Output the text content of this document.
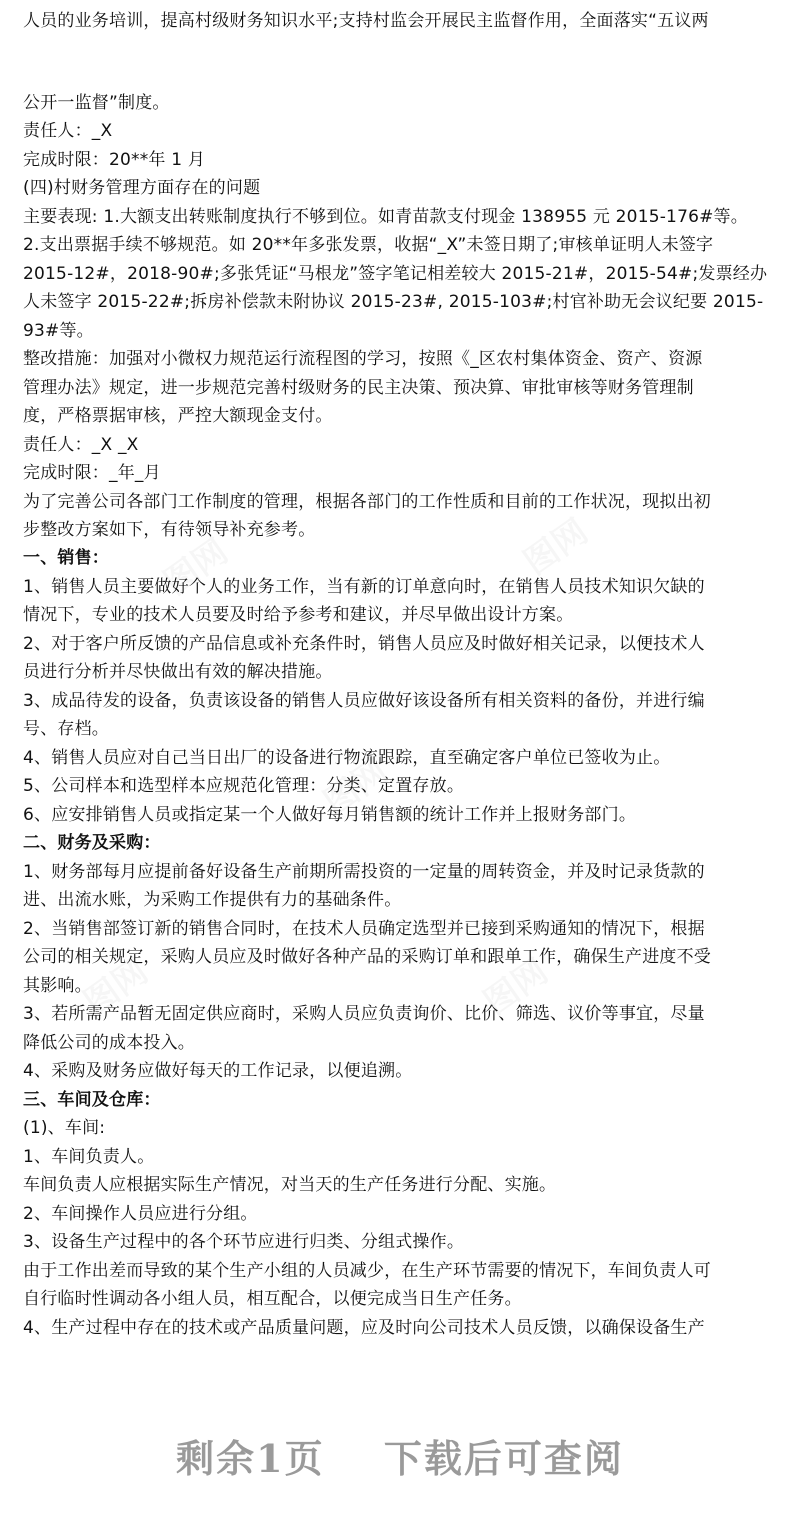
人员的业务培训，提高村级财务知识水平;支持村监会开展民主监督作用，全面落实“五议两

公开一监督”制度。

责任人：_X

完成时限：20**年 1 月

(四)村财务管理方面存在的问题

主要表现: 1.大额支出转账制度执行不够到位。如青苗款支付现金 138955 元 2015-176#等。

2.支出票据手续不够规范。如 20**年多张发票，收据“_X”未签日期了;审核单证明人未签字

2015-12#，2018-90#;多张凭证“马根龙”签字笔记相差较大 2015-21#，2015-54#;发票经办

人未签字 2015-22#;拆房补偿款未附协议 2015-23#, 2015-103#;村官补助无会议纪要 2015-

93#等。

整改措施：加强对小微权力规范运行流程图的学习，按照《_区农村集体资金、资产、资源

管理办法》规定，进一步规范完善村级财务的民主决策、预决算、审批审核等财务管理制

度，严格票据审核，严控大额现金支付。

责任人：_X _X

完成时限：_年_月

为了完善公司各部门工作制度的管理，根据各部门的工作性质和目前的工作状况，现拟出初

步整改方案如下，有待领导补充参考。

一、销售：

1、销售人员主要做好个人的业务工作，当有新的订单意向时，在销售人员技术知识欠缺的

情况下，专业的技术人员要及时给予参考和建议，并尽早做出设计方案。

2、对于客户所反馈的产品信息或补充条件时，销售人员应及时做好相关记录，以便技术人

员进行分析并尽快做出有效的解决措施。

3、成品待发的设备，负责该设备的销售人员应做好该设备所有相关资料的备份，并进行编

号、存档。

4、销售人员应对自己当日出厂的设备进行物流跟踪，直至确定客户单位已签收为止。

5、公司样本和选型样本应规范化管理：分类、定置存放。

6、应安排销售人员或指定某一个人做好每月销售额的统计工作并上报财务部门。

二、财务及采购：

1、财务部每月应提前备好设备生产前期所需投资的一定量的周转资金，并及时记录货款的

进、出流水账，为采购工作提供有力的基础条件。

2、当销售部签订新的销售合同时，在技术人员确定选型并已接到采购通知的情况下，根据

公司的相关规定，采购人员应及时做好各种产品的采购订单和跟单工作，确保生产进度不受

其影响。

3、若所需产品暂无固定供应商时，采购人员应负责询价、比价、筛选、议价等事宜，尽量

降低公司的成本投入。

4、采购及财务应做好每天的工作记录，以便追溯。

三、车间及仓库：

(1)、车间:

1、车间负责人。

车间负责人应根据实际生产情况，对当天的生产任务进行分配、实施。

2、车间操作人员应进行分组。

3、设备生产过程中的各个环节应进行归类、分组式操作。

由于工作出差而导致的某个生产小组的人员减少，在生产环节需要的情况下，车间负责人可

自行临时性调动各小组人员，相互配合，以便完成当日生产任务。

4、生产过程中存在的技术或产品质量问题，应及时向公司技术人员反馈，以确保设备生产

剩余1页 下载后可查阅
